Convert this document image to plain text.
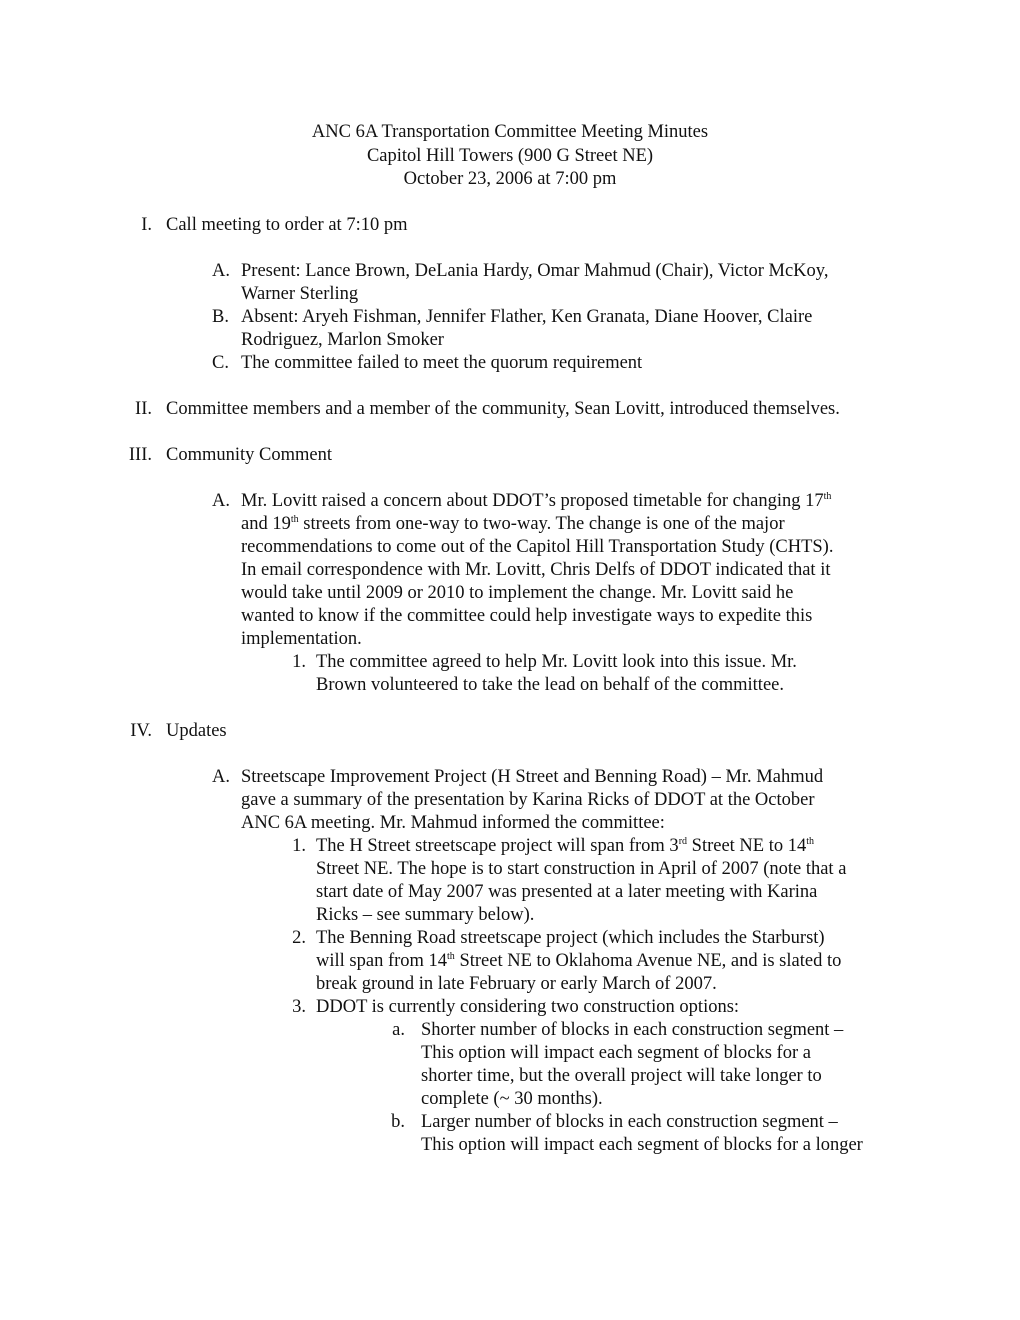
ANC 6A Transportation Committee Meeting Minutes
Capitol Hill Towers (900 G Street NE)
October 23, 2006 at 7:00 pm
I. Call meeting to order at 7:10 pm
A. Present: Lance Brown, DeLania Hardy, Omar Mahmud (Chair), Victor McKoy,
Warner Sterling
B. Absent: Aryeh Fishman, Jennifer Flather, Ken Granata, Diane Hoover, Claire
Rodriguez, Marlon Smoker
C. The committee failed to meet the quorum requirement
II. Committee members and a member of the community, Sean Lovitt, introduced themselves.
III. Community Comment
A. Mr. Lovitt raised a concern about DDOT’s proposed timetable for changing 17th
and 19th streets from one-way to two-way. The change is one of the major
recommendations to come out of the Capitol Hill Transportation Study (CHTS).
In email correspondence with Mr. Lovitt, Chris Delfs of DDOT indicated that it
would take until 2009 or 2010 to implement the change. Mr. Lovitt said he
wanted to know if the committee could help investigate ways to expedite this
implementation.
1. The committee agreed to help Mr. Lovitt look into this issue. Mr.
Brown volunteered to take the lead on behalf of the committee.
IV. Updates
A. Streetscape Improvement Project (H Street and Benning Road) – Mr. Mahmud
gave a summary of the presentation by Karina Ricks of DDOT at the October
ANC 6A meeting. Mr. Mahmud informed the committee:
1. The H Street streetscape project will span from 3rd Street NE to 14th
Street NE. The hope is to start construction in April of 2007 (note that a
start date of May 2007 was presented at a later meeting with Karina
Ricks – see summary below).
2. The Benning Road streetscape project (which includes the Starburst)
will span from 14th Street NE to Oklahoma Avenue NE, and is slated to
break ground in late February or early March of 2007.
3. DDOT is currently considering two construction options:
a. Shorter number of blocks in each construction segment –
This option will impact each segment of blocks for a
shorter time, but the overall project will take longer to
complete (~ 30 months).
b. Larger number of blocks in each construction segment –
This option will impact each segment of blocks for a longer
